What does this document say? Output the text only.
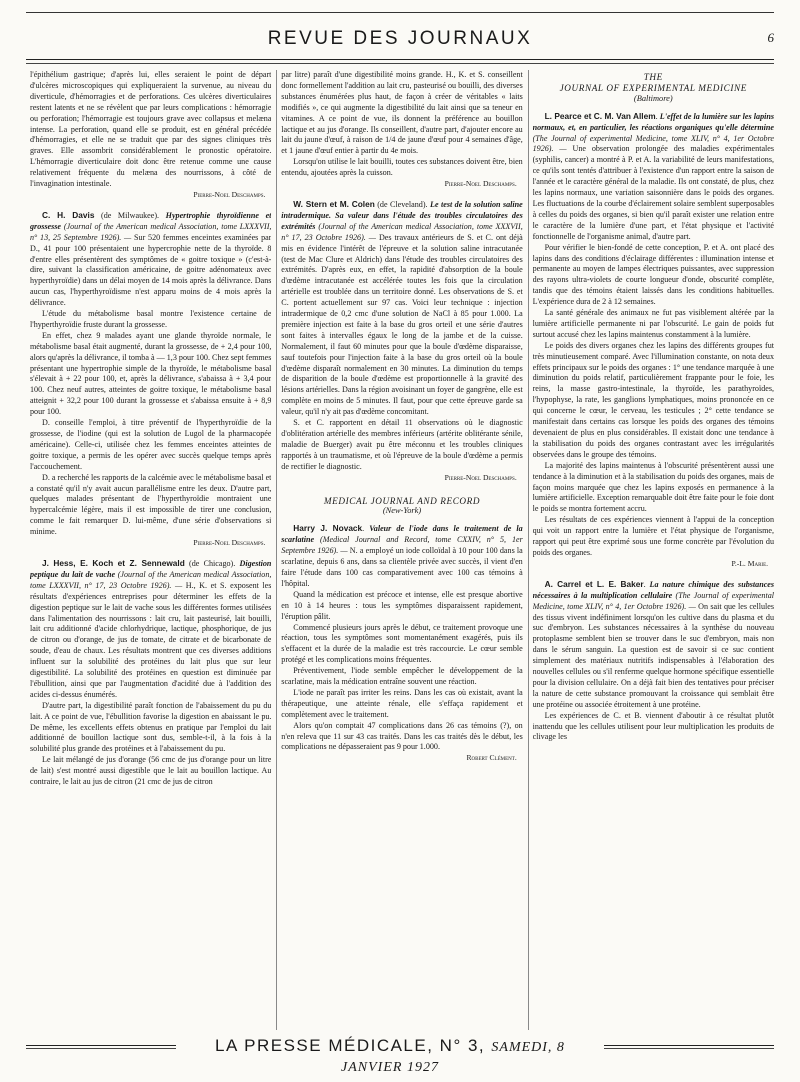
REVUE DES JOURNAUX	6

l'épithélium gastrique; d'après lui, elles seraient le point de départ d'ulcères microscopiques qui expliqueraient la survenue, au niveau du diverticule, d'hémorragies et de perforations. Ces ulcères diverticulaires restent latents et ne se révèlent que par leurs complications : hémorragie ou perforation; l'hémorragie est toujours grave avec collapsus et melæna intense. La perforation, quand elle se produit, est en général précédée d'hémorragies, et elle ne se traduit que par des signes cliniques très graves. Elle assombrit considérablement le pronostic opératoire. L'hémorragie diverticulaire doit donc être retenue comme une cause relativement fréquente du melæna des nourrissons, à côté de l'invagination intestinale.

Pierre-Noel Deschamps.

C. H. Davis (de Milwaukee). Hypertrophie thyroïdienne et grossesse (Journal of the American medical Association, tome LXXXVII, n° 13, 25 Septembre 1926). — Sur 520 femmes enceintes examinées par D., 41 pour 100 présentaient une hypercrophie nette de la thyroïde. 8 d'entre elles présentèrent des symptômes de « goitre toxique » (c'est-à-dire, suivant la classification américaine, de goitre adénomateux avec hyperthyroïdie) dans un délai moyen de 14 mois après la délivrance. Dans aucun cas, l'hyperthyroïdisme n'est apparu moins de 4 mois après la délivrance.

L'étude du métabolisme basal montre l'existence certaine de l'hyperthyroïdie fruste durant la grossesse.

En effet, chez 9 malades ayant une glande thyroïde normale, le métabolisme basal était augmenté, durant la grossesse, de + 2,4 pour 100, alors qu'après la délivrance, il tomba à — 1,3 pour 100. Chez sept femmes présentant une hypertrophie simple de la thyroïde, le métabolisme basal s'élevait à + 22 pour 100, et, après la délivrance, s'abaissa à + 3,4 pour 100. Chez neuf autres, atteintes de goitre toxique, le métabolisme basal atteignit + 32,2 pour 100 durant la grossesse et s'abaissa ensuite à + 8,9 pour 100.

D. conseille l'emploi, à titre préventif de l'hyperthyroïdie de la grossesse, de l'iodine (qui est la solution de Lugol de la pharmacopée américaine). Celle-ci, utilisée chez les femmes enceintes atteintes de goitre toxique, a permis de les opérer avec succès quelque temps après l'accouchement.

D. a recherché les rapports de la calcémie avec le métabolisme basal et a constaté qu'il n'y avait aucun parallélisme entre les deux. D'autre part, quelques malades présentant de l'hyperthyroïdie montraient une hypercalcémie légère, mais il est impossible de tirer une conclusion, comme le fait remarquer D. lui-même, d'une série d'observations si minime.

Pierre-Noel Deschamps.

J. Hess, E. Koch et Z. Sennewald (de Chicago). Digestion peptique du lait de vache (Journal of the American medical Association, tome LXXXVII, n° 17, 23 Octobre 1926). — H., K. et S. exposent les résultats d'expériences entreprises pour déterminer les effets de la digestion peptique sur le lait de vache sous les différentes formes utilisées dans l'alimentation des nourrissons : lait cru, lait pasteurisé, lait bouilli, lait cru additionné d'acide chlorhydrique, lactique, phosphorique, de jus de citron ou d'orange, de jus de tomate, de citrate et de bicarbonate de soude, d'eau de chaux. Les résultats montrent que ces diverses additions influent sur la solubilité des protéines du lait plus que sur leur digestibilité. La solubilité des protéines en question est diminuée par l'ébullition, ainsi que par l'augmentation d'acidité due à l'addition des acides ci-dessus énumérés.

D'autre part, la digestibilité paraît fonction de l'abaissement du pu du lait. A ce point de vue, l'ébullition favorise la digestion en abaissant le pu. De même, les excellents effets obtenus en pratique par l'emploi du lait additionné de bouillon lactique sont dus, semble-t-il, à la fois à la solubilité plus grande des protéines et à l'abaissement du pu.

Le lait mélangé de jus d'orange (56 cmc de jus d'orange pour un litre de lait) s'est montré aussi digestible que le lait au bouillon lactique. Au contraire, le lait au jus de citron (21 cmc de jus de citron

par litre) paraît d'une digestibilité moins grande. H., K. et S. conseillent donc formellement l'addition au lait cru, pasteurisé ou bouilli, des diverses substances énumérées plus haut, de façon à créer de véritables « laits modifiés », ce qui augmente la digestibilité du lait ainsi que sa teneur en vitamines. A ce point de vue, ils donnent la préférence au bouillon lactique et au jus d'orange. Ils conseillent, d'autre part, d'ajouter encore au lait du jaune d'œuf, à raison de 1/4 de jaune d'œuf pour 4 semaines d'âge, et 1 jaune d'œuf entier à partir du 4e mois.

Lorsqu'on utilise le lait bouilli, toutes ces substances doivent être, bien entendu, ajoutées après la cuisson.

Pierre-Noel Deschamps.

W. Stern et M. Colen (de Cleveland). Le test de la solution saline intradermique. Sa valeur dans l'étude des troubles circulatoires des extrémités (Journal of the American medical Association, tome XXXVII, n° 17, 23 Octobre 1926). — Des travaux antérieurs de S. et C. ont déjà mis en évidence l'intérêt de l'épreuve et la solution saline intracutanée (test de Mac Clure et Aldrich) dans l'étude des troubles circulatoires des extrémités. D'après eux, en effet, la rapidité d'absorption de la boule d'œdème intracutanée est accélérée toutes les fois que la circulation artérielle est troublée dans un territoire donné. Les observations de S. et C. portent actuellement sur 97 cas. Voici leur technique : injection intradermique de 0,2 cmc d'une solution de NaCl à 85 pour 1.000. La première injection est faite à la base du gros orteil et une série d'autres sont faites à intervalles égaux le long de la jambe et de la cuisse. Normalement, il faut 60 minutes pour que la boule d'œdème disparaisse, sauf toutefois pour l'injection faite à la base du gros orteil où la boule d'œdème disparaît normalement en 30 minutes. La diminution du temps de disparition de la boule d'œdème est proportionnelle à la gravité des lésions artérielles. Dans la région avoisinant un foyer de gangrène, elle est complète en moins de 5 minutes. Il faut, pour que cette épreuve garde sa valeur, qu'il n'y ait pas d'œdème concomitant.

S. et C. rapportent en détail 11 observations où le diagnostic d'oblitération artérielle des membres inférieurs (artérite oblitérante sénile, maladie de Buerger) avait pu être méconnu et les troubles cliniques rapportés à un traumatisme, et où l'épreuve de la boule d'œdème a permis de rectifier le diagnostic.

Pierre-Noel Deschamps.
MEDICAL JOURNAL AND RECORD
(New-York)

Harry J. Novack. Valeur de l'iode dans le traitement de la scarlatine (Medical Journal and Record, tome CXXIV, n° 5, 1er Septembre 1926). — N. a employé un iode colloïdal à 10 pour 100 dans la scarlatine, depuis 6 ans, dans sa clientèle privée avec succès, il vient d'en faire l'étude dans 100 cas comparativement avec 100 cas témoins à l'hôpital.

Quand la médication est précoce et intense, elle est presque abortive en 10 à 14 heures : tous les symptômes disparaissent rapidement, l'éruption pâlit.

Commencé plusieurs jours après le début, ce traitement provoque une réaction, tous les symptômes sont momentanément exagérés, puis ils s'effacent et la durée de la maladie est très raccourcie. Le cœur semble protégé et les complications moins fréquentes.

Préventivement, l'iode semble empêcher le développement de la scarlatine, mais la médication entraîne souvent une réaction.

L'iode ne paraît pas irriter les reins. Dans les cas où existait, avant la thérapeutique, une atteinte rénale, elle s'effaça rapidement et complètement avec le traitement.

Alors qu'on comptait 47 complications dans 26 cas témoins (?), on n'en releva que 11 sur 43 cas traités. Dans les cas traités dès le début, les complications ne dépasseraient pas 9 pour 1.000.

Robert Clément.
THE
JOURNAL OF EXPERIMENTAL MEDICINE
(Baltimore)

L. Pearce et C. M. Van Allem. L'effet de la lumière sur les lapins normaux, et, en particulier, les réactions organiques qu'elle détermine (The Journal of experimental Medicine, tome XLIV, n° 4, 1er Octobre 1926). — Une observation prolongée des maladies expérimentales (syphilis, cancer) a montré à P. et A. la variabilité de leurs manifestations, ce qu'ils sont tentés d'attribuer à l'existence d'un rapport entre la saison de l'année et le caractère général de la maladie. Ils ont constaté, de plus, chez les lapins normaux, une variation saisonnière dans le poids des organes. Les fluctuations de la courbe d'éclairement solaire semblent superposables à celles du poids des organes, si bien qu'il paraît exister une relation entre le caractère de la lumière d'une part, et l'état physique et l'activité fonctionnelle de l'organisme animal, d'autre part.

Pour vérifier le bien-fondé de cette conception, P. et A. ont placé des lapins dans des conditions d'éclairage différentes : illumination intense et permanente au moyen de lampes électriques puissantes, avec suppression des rayons ultra-violets de courte longueur d'onde, obscurité complète, tandis que des témoins étaient laissés dans les conditions habituelles. L'expérience dura de 2 à 12 semaines.

La santé générale des animaux ne fut pas visiblement altérée par la lumière artificielle permanente ni par l'obscurité. Le gain de poids fut surtout accusé chez les lapins maintenus constamment à la lumière.

Le poids des divers organes chez les lapins des différents groupes fut très minutieusement comparé. Avec l'illumination constante, on nota deux effets principaux sur le poids des organes : 1° une tendance marquée à une diminution du poids relatif, particulièrement frappante pour le foie, les reins, la masse gastro-intestinale, la thyroïde, les parathyroïdes, l'hypophyse, la rate, les ganglions lymphatiques, moins prononcée en ce qui concerne le cœur, le cerveau, les testicules ; 2° cette tendance se manifestait dans certains cas lorsque les poids des organes des témoins devenaient de plus en plus considérables. Il existait donc une tendance à la stabilisation du poids des organes contrastant avec les irrégularités observées dans le groupe des témoins.

La majorité des lapins maintenus à l'obscurité présentèrent aussi une tendance à la diminution et à la stabilisation du poids des organes, mais de façon moins marquée que chez les lapins exposés en permanence à la lumière artificielle. Exception remarquable doit être faite pour le foie dont le poids se montra fortement accru.

Les résultats de ces expériences viennent à l'appui de la conception qui voit un rapport entre la lumière et l'état physique de l'organisme, rapport qui peut être exprimé sous une forme concrète par l'évolution du poids des organes.

P.-L. Marie.

A. Carrel et L. E. Baker. La nature chimique des substances nécessaires à la multiplication cellulaire (The Journal of experimental Medicine, tome XLIV, n° 4, 1er Octobre 1926). — On sait que les cellules des tissus vivent indéfiniment lorsqu'on les cultive dans du plasma et du suc d'embryon. Les substances nécessaires à la synthèse du nouveau protoplasme semblent bien se trouver dans le suc d'embryon, mais non dans le sérum sanguin. La question est de savoir si ce suc contient simplement des matériaux nutritifs indispensables à l'élaboration des nouvelles cellules ou s'il renferme quelque hormone spécifique essentielle pour la division cellulaire. On a déjà fait bien des tentatives pour préciser la nature de cette substance promouvant la croissance qui semblait être une protéine ou associée étroitement à une protéine.

Les expériences de C. et B. viennent d'aboutir à ce résultat plutôt inattendu que les cellules utilisent pour leur multiplication les produits de clivage les

LA PRESSE MÉDICALE, N° 3, SAMEDI, 8 JANVIER 1927
